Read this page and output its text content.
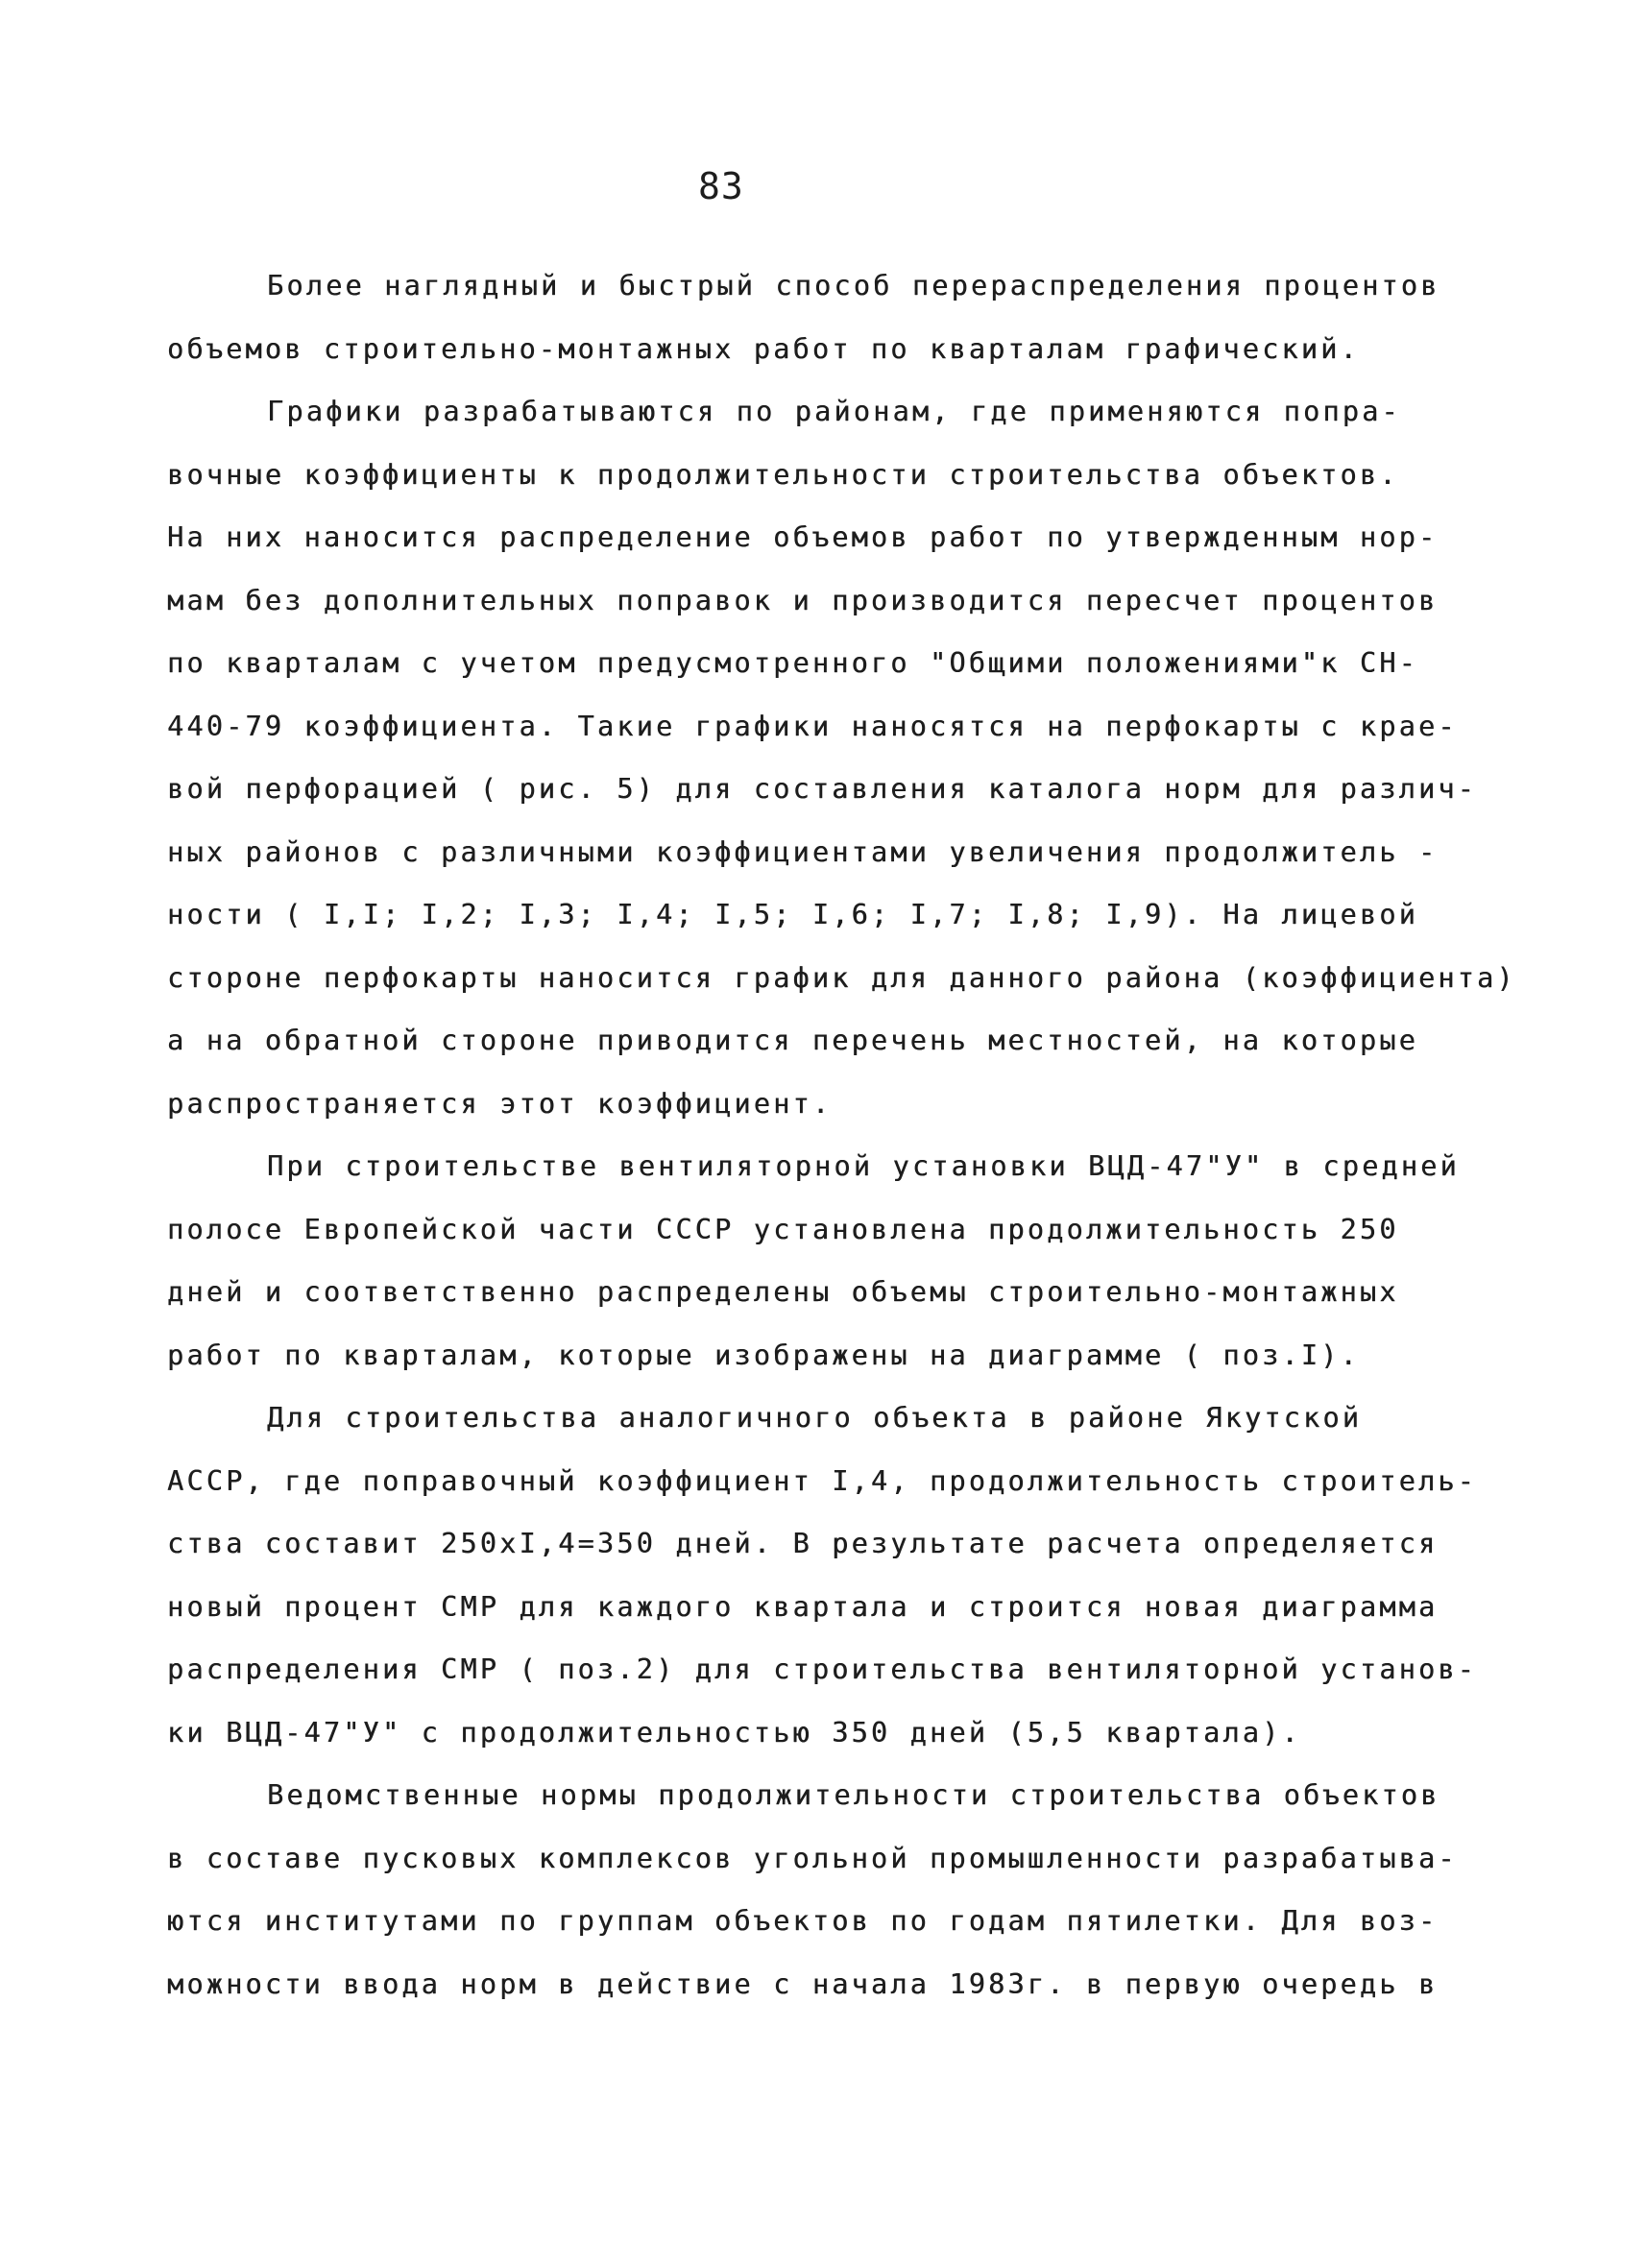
83
Более наглядный и быстрый способ перераспределения процентов
объемов строительно-монтажных работ по кварталам графический.
Графики разрабатываются по районам, где применяются попра-
вочные коэффициенты к продолжительности строительства объектов.
На них наносится распределение объемов работ по утвержденным нор-
мам без дополнительных поправок и производится пересчет процентов
по кварталам с учетом предусмотренного "Общими положениями"к СН-
440-79 коэффициента. Такие графики наносятся на перфокарты с крае-
вой перфорацией ( рис. 5) для составления каталога норм для различ-
ных районов с различными коэффициентами увеличения продолжитель -
ности ( I,I; I,2; I,3; I,4; I,5; I,6; I,7; I,8; I,9). На лицевой
стороне перфокарты наносится график для данного района (коэффициента)
а на обратной стороне приводится перечень местностей, на которые
распространяется этот коэффициент.
При строительстве вентиляторной установки ВЦД-47"У" в средней
полосе Европейской части СССР установлена продолжительность 250
дней и соответственно распределены объемы строительно-монтажных
работ по кварталам, которые изображены на диаграмме ( поз.I).
Для строительства аналогичного объекта в районе Якутской
АССР, где поправочный коэффициент I,4, продолжительность строитель-
ства составит 250хI,4=350 дней. В результате расчета определяется
новый процент СМР для каждого квартала и строится новая диаграмма
распределения СМР ( поз.2) для строительства вентиляторной установ-
ки ВЦД-47"У" с продолжительностью 350 дней (5,5 квартала).
Ведомственные нормы продолжительности строительства объектов
в составе пусковых комплексов угольной промышленности разрабатыва-
ются институтами по группам объектов по годам пятилетки. Для воз-
можности ввода норм в действие с начала 1983г. в первую очередь в
